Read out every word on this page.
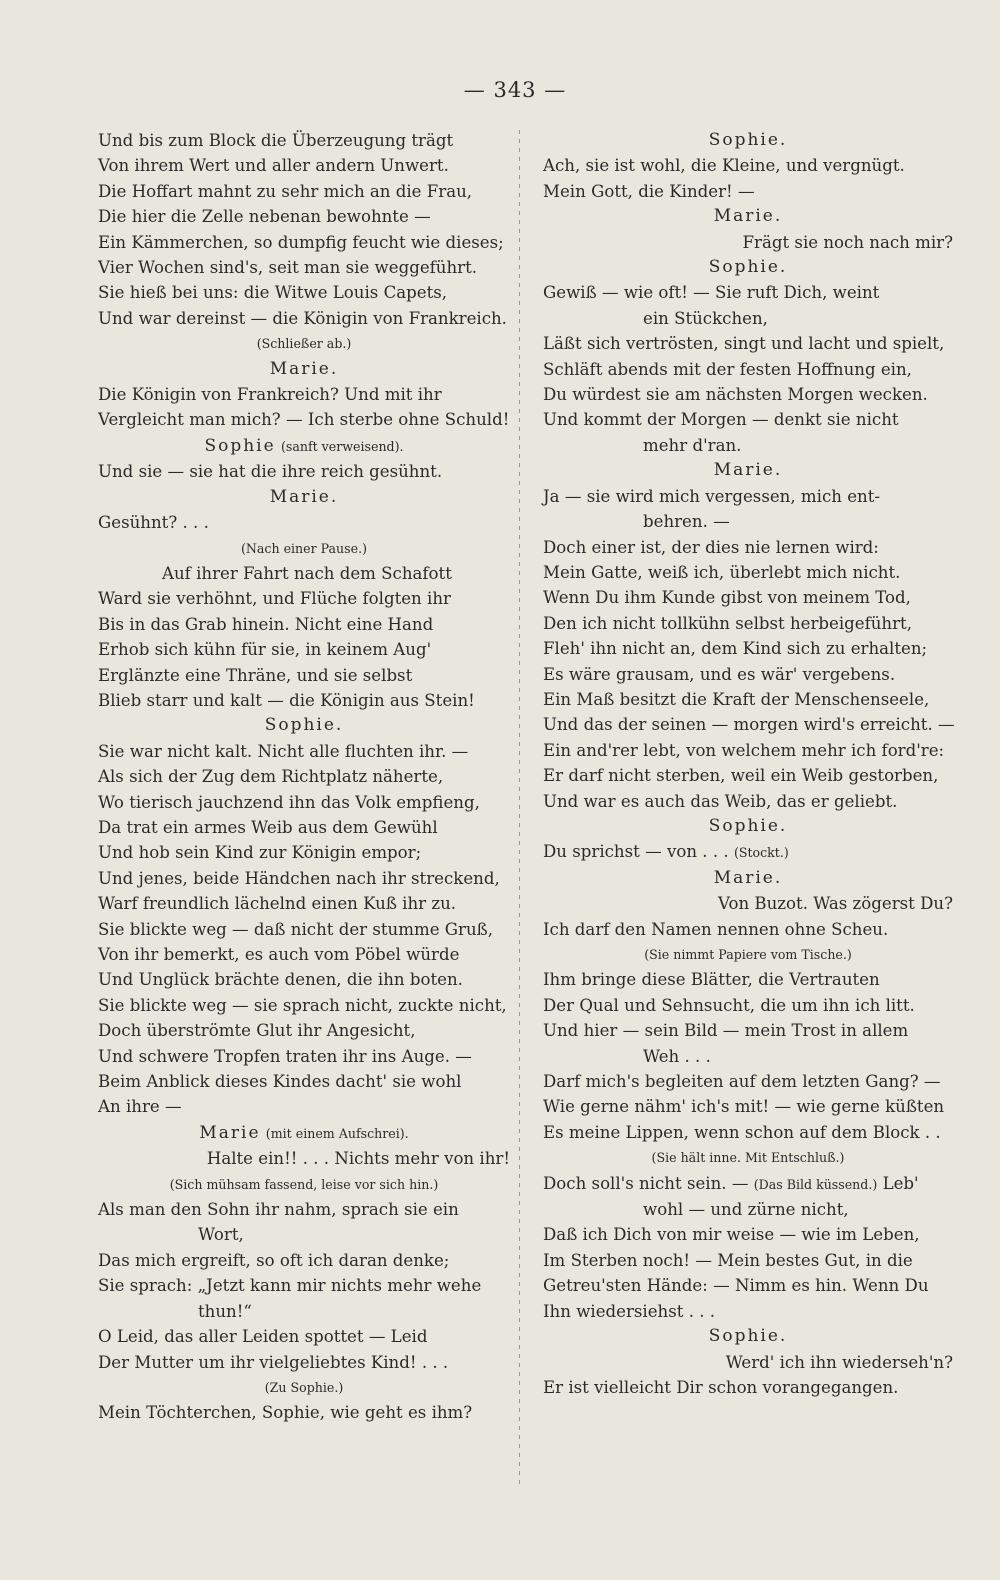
— 343 —
Und bis zum Block die Überzeugung trägt
Von ihrem Wert und aller andern Unwert.
Die Hoffart mahnt zu sehr mich an die Frau,
Die hier die Zelle nebenan bewohnte —
Ein Kämmerchen, so dumpfig feucht wie dieses;
Vier Wochen sind's, seit man sie weggeführt.
Sie hieß bei uns: die Witwe Louis Capets,
Und war dereinst — die Königin von Frankreich.
(Schließer ab.)
Marie.
Die Königin von Frankreich? Und mit ihr
Vergleicht man mich? — Ich sterbe ohne Schuld!
Sophie (sanft verweisend).
Und sie — sie hat die ihre reich gesühnt.
Marie.
Gesühnt? . . .
(Nach einer Pause.)
Auf ihrer Fahrt nach dem Schafott
Ward sie verhöhnt, und Flüche folgten ihr
Bis in das Grab hinein. Nicht eine Hand
Erhob sich kühn für sie, in keinem Aug'
Erglänzte eine Thräne, und sie selbst
Blieb starr und kalt — die Königin aus Stein!
Sophie.
Sie war nicht kalt. Nicht alle fluchten ihr. —
Als sich der Zug dem Richtplatz näherte,
Wo tierisch jauchzend ihn das Volk empfieng,
Da trat ein armes Weib aus dem Gewühl
Und hob sein Kind zur Königin empor;
Und jenes, beide Händchen nach ihr streckend,
Warf freundlich lächelnd einen Kuß ihr zu.
Sie blickte weg — daß nicht der stumme Gruß,
Von ihr bemerkt, es auch vom Pöbel würde
Und Unglück brächte denen, die ihn boten.
Sie blickte weg — sie sprach nicht, zuckte nicht,
Doch überströmte Glut ihr Angesicht,
Und schwere Tropfen traten ihr ins Auge. —
Beim Anblick dieses Kindes dacht' sie wohl
An ihre —
Marie (mit einem Aufschrei).
Halte ein!! . . . Nichts mehr von ihr!
(Sich mühsam fassend, leise vor sich hin.)
Als man den Sohn ihr nahm, sprach sie ein
Wort,
Das mich ergreift, so oft ich daran denke;
Sie sprach: „Jetzt kann mir nichts mehr wehe
thun!“
O Leid, das aller Leiden spottet — Leid
Der Mutter um ihr vielgeliebtes Kind! . . .
(Zu Sophie.)
Mein Töchterchen, Sophie, wie geht es ihm?
Sophie.
Ach, sie ist wohl, die Kleine, und vergnügt.
Mein Gott, die Kinder! —
Marie.
Frägt sie noch nach mir?
Sophie.
Gewiß — wie oft! — Sie ruft Dich, weint
ein Stückchen,
Läßt sich vertrösten, singt und lacht und spielt,
Schläft abends mit der festen Hoffnung ein,
Du würdest sie am nächsten Morgen wecken.
Und kommt der Morgen — denkt sie nicht
mehr d'ran.
Marie.
Ja — sie wird mich vergessen, mich ent-
behren. —
Doch einer ist, der dies nie lernen wird:
Mein Gatte, weiß ich, überlebt mich nicht.
Wenn Du ihm Kunde gibst von meinem Tod,
Den ich nicht tollkühn selbst herbeigeführt,
Fleh' ihn nicht an, dem Kind sich zu erhalten;
Es wäre grausam, und es wär' vergebens.
Ein Maß besitzt die Kraft der Menschenseele,
Und das der seinen — morgen wird's erreicht. —
Ein and'rer lebt, von welchem mehr ich ford're:
Er darf nicht sterben, weil ein Weib gestorben,
Und war es auch das Weib, das er geliebt.
Sophie.
Du sprichst — von . . . (Stockt.)
Marie.
Von Buzot. Was zögerst Du?
Ich darf den Namen nennen ohne Scheu.
(Sie nimmt Papiere vom Tische.)
Ihm bringe diese Blätter, die Vertrauten
Der Qual und Sehnsucht, die um ihn ich litt.
Und hier — sein Bild — mein Trost in allem
Weh . . .
Darf mich's begleiten auf dem letzten Gang? —
Wie gerne nähm' ich's mit! — wie gerne küßten
Es meine Lippen, wenn schon auf dem Block . .
(Sie hält inne. Mit Entschluß.)
Doch soll's nicht sein. — (Das Bild küssend.) Leb'
wohl — und zürne nicht,
Daß ich Dich von mir weise — wie im Leben,
Im Sterben noch! — Mein bestes Gut, in die
Getreu'sten Hände: — Nimm es hin. Wenn Du
Ihn wiedersiehst . . .
Sophie.
Werd' ich ihn wiederseh'n?
Er ist vielleicht Dir schon vorangegangen.
